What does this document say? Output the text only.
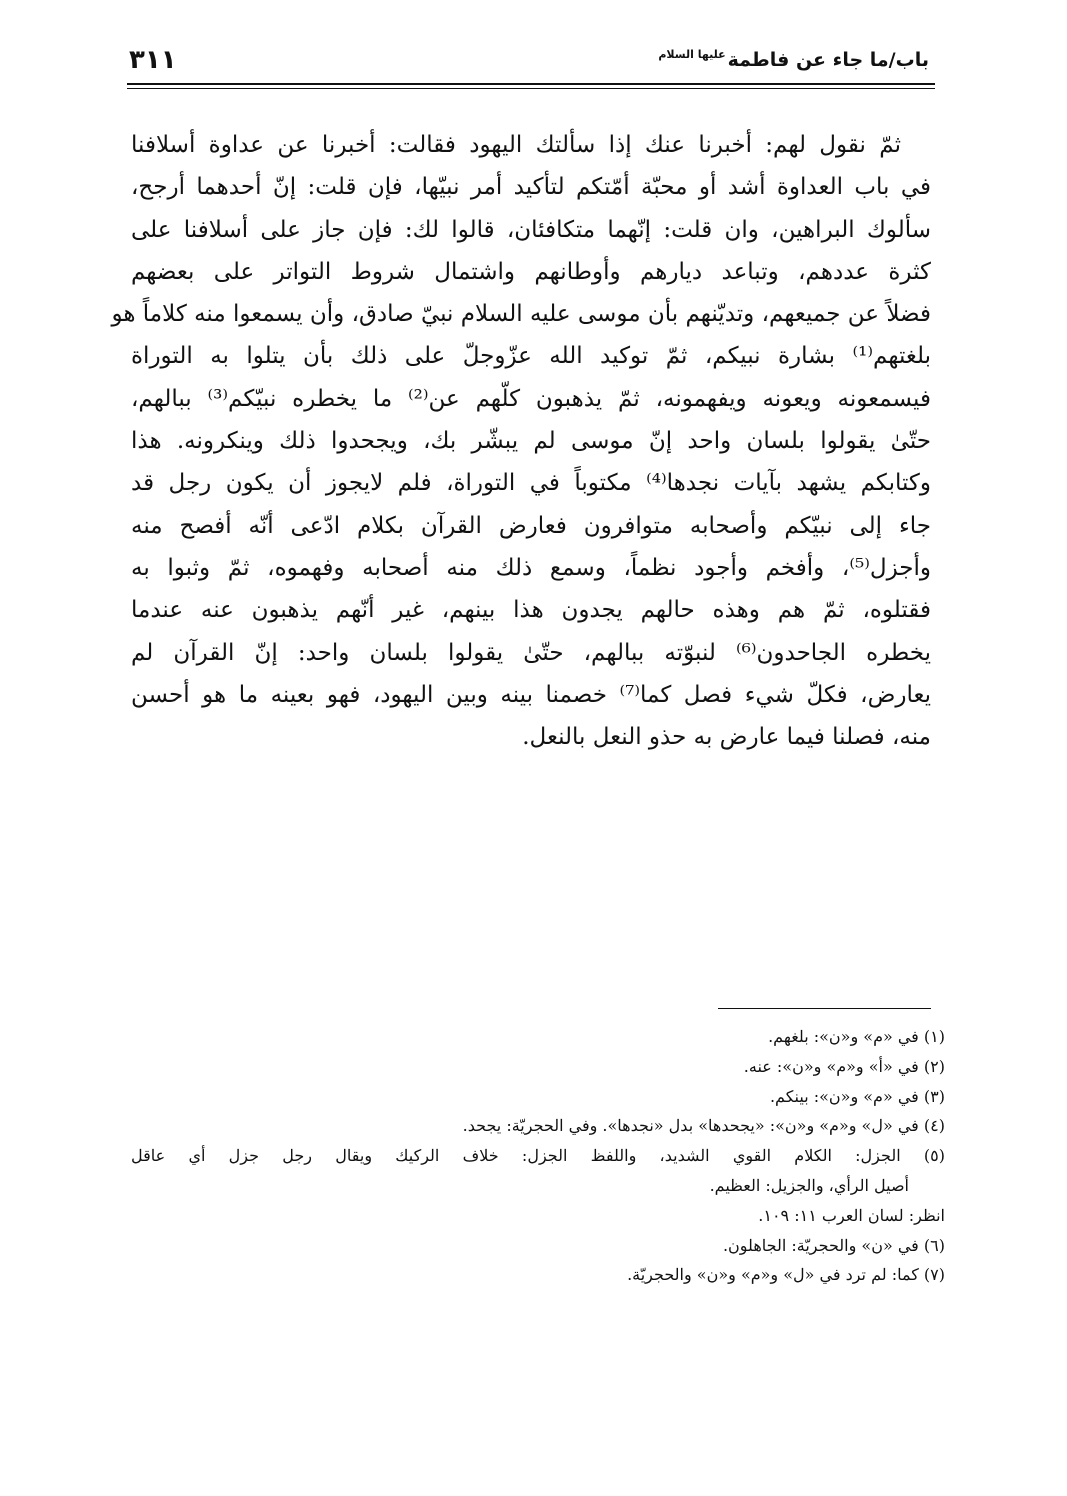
باب/ما جاء عن فاطمة
عليها السلام
٣١١
ثمّ نقول لهم: أخبرنا عنك إذا سألتك اليهود فقالت: أخبرنا عن عداوة أسلافنا
في باب العداوة أشد أو محبّة أمّتكم لتأكيد أمر نبيّها، فإن قلت: إنّ أحدهما أرجح،
سألوك البراهين، وان قلت: إنّهما متكافئان، قالوا لك: فإن جاز على أسلافنا على
كثرة عددهم، وتباعد ديارهم وأوطانهم واشتمال شروط التواتر على بعضهم
فضلاً عن جميعهم، وتديّنهم بأن موسى عليه السلام نبيّ صادق، وأن يسمعوا منه كلاماً هو
بلغتهم⁽¹⁾ بشارة نبيكم، ثمّ توكيد الله عزّوجلّ على ذلك بأن يتلوا به التوراة
فيسمعونه ويعونه ويفهمونه، ثمّ يذهبون كلّهم عن⁽²⁾ ما يخطره نبيّكم⁽³⁾ ببالهم،
حتّىٰ يقولوا بلسان واحد إنّ موسى لم يبشّر بك، ويجحدوا ذلك وينكرونه. هذا
وكتابكم يشهد بآيات نجدها⁽⁴⁾ مكتوباً في التوراة، فلم لايجوز أن يكون رجل قد
جاء إلى نبيّكم وأصحابه متوافرون فعارض القرآن بكلام ادّعى أنّه أفصح منه
وأجزل⁽⁵⁾، وأفخم وأجود نظماً، وسمع ذلك منه أصحابه وفهموه، ثمّ وثبوا به
فقتلوه، ثمّ هم وهذه حالهم يجدون هذا بينهم، غير أنّهم يذهبون عنه عندما
يخطره الجاحدون⁽⁶⁾ لنبوّته ببالهم، حتّىٰ يقولوا بلسان واحد: إنّ القرآن لم
يعارض، فكلّ شيء فصل كما⁽⁷⁾ خصمنا بينه وبين اليهود، فهو بعينه ما هو أحسن
منه، فصلنا فيما عارض به حذو النعل بالنعل.
(١) في «م» و«ن»: بلغهم.
(٢) في «أ» و«م» و«ن»: عنه.
(٣) في «م» و«ن»: بينكم.
(٤) في «ل» و«م» و«ن»: «يجحدها» بدل «نجدها». وفي الحجريّة: يجحد.
(٥) الجزل: الكلام القوي الشديد، واللفظ الجزل: خلاف الركيك ويقال رجل جزل أي عاقل
أصيل الرأي، والجزيل: العظيم.
انظر: لسان العرب ١١: ١٠٩.
(٦) في «ن» والحجريّة: الجاهلون.
(٧) كما: لم ترد في «ل» و«م» و«ن» والحجريّة.
